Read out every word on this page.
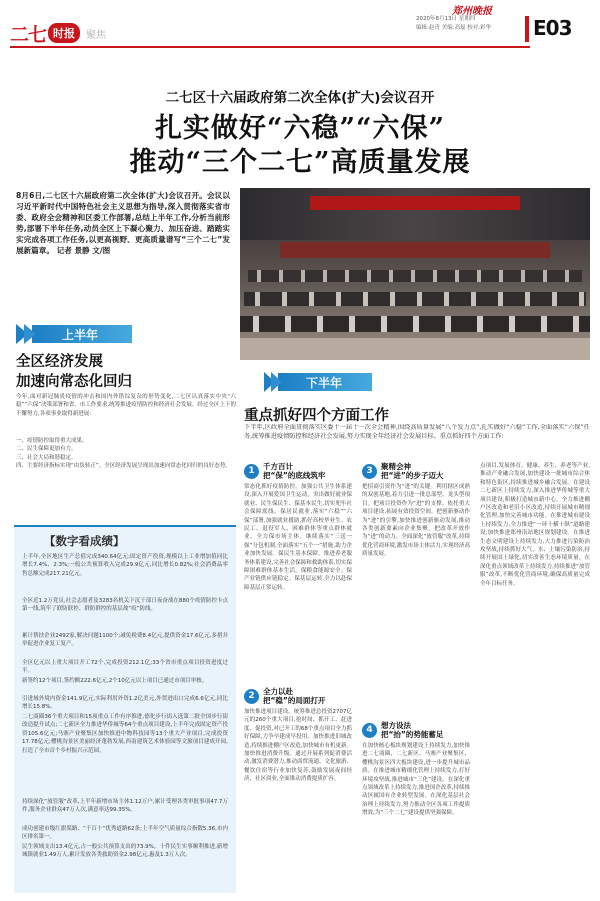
二七 时报	聚焦
郑州晚报
2020年8月13日 星期四
编辑:赵青 美编:高磊 校对:彩华 E03
二七区十六届政府第二次全体(扩大)会议召开
扎实做好“六稳”“六保”
推动“三个二七”高质量发展
8月6日,二七区十六届政府第二次全体(扩大)会议召开。会议以习近平新时代中国特色社会主义思想为指导,深入贯彻落实省市委、政府全会精神和区委工作部署,总结上半年工作,分析当前形势,部署下半年任务,动员全区上下凝心聚力、加压奋进、踏踏实实完成各项工作任务,以更高视野、更高质量谱写“三个二七”发展新篇章。 记者 景静 文/图
上半年
全区经济发展
加速向常态化回归

今年,面对新冠肺炎疫情的冲击和国内外错综复杂的形势变化,二七区认真落实中央“六稳”“六保”决策部署和省、市工作要求,统筹推进疫情防控和经济社会发展。经过全区上下的不懈努力,各项事业取得新进展:

一、疫情防控取得重大成果。

二、民生保障更加有力。

三、社会大局和谐稳定。

四、主要经济指标实现“由负转正”。全区经济发展呈现出加速向常态化回归的良好态势。

【数字看成绩】

上半年,全区地区生产总值完成340.64亿元;固定资产投资,规模以上工业增加值同比增长7.4%、2.3%;一般公共预算收入完成29.9亿元,同比增长0.82%;社会消费品零售总额完成217.21亿元。

全区近1.2万党员,社会志愿者及3283名机关下沉干部日夜奋战在880个疫情防控卡点第一线,筑牢了联防联控、群防群控的基层战“疫”防线。

累计帮扶企业2492家,解决问题1100个;减免税费8.4亿元,提供资金17.6亿元,多措并举促进企业复工复产。

全区亿元以上重大项目开工72个,完成投资212.1亿;33个省市重点项目投资进度过半。

新签约12个项目,签约额222.6亿元,2个10亿元以上项目已通过市项目审核。

引进域外境内资金141.9亿元,实际利用外资1.2亿美元,外贸进出口完成6.6亿元,同比增长15.8%。

二七商圈36个重大项目和15项重点工作有序推进,德化步行街入选第二批全国步行街改造提升试点;二七新区全力推进华侨城等64个重点项目建设,上半年完成固定资产投资105.6亿元;马寨产业聚集区加快推进中物科技园等13个重大产业项目,完成投资17.78亿元;樱桃沟景区美丽经济蓬勃发展,西南建筑艺术体验园等文旅项目建成开园,打造了全市首个乡村振兴示范园。

持续深化“放管服”改革,上半年新增市场主体1.12万户,累计受理各类审批事项47.7万件,服务企业群众47万人次,满意率达99.35%。

成功创建市级红旗渠路、“千百十”优秀道路62条;上半年空气质量综合指数5.36,市内区排名第一。

民生领域支出13.4亿元,占一般公共预算支出的73.9%。十件民生实事顺利推进,新增城镇就业1.49万人,累计发放各类救助资金2.98亿元,惠及1.3万人次。

下半年
重点抓好四个方面工作
下半年,区政府全面贯彻落实区委十一届十一次全会精神,围绕高质量发展“八个发力点”,扎实做好“六稳”工作,全面落实“六保”任务,统筹推进疫情防控和经济社会发展,努力实现全年经济社会发展目标。重点抓好四个方面工作:
1	千方百计
把“保”的底线筑牢

常态化抓好疫情防控。加强公共卫生体系建设,深入开展爱国卫生运动。突出做好就业保就业、民生保民生、保基本民生,切实兜牢社会保障底线。保居民就业,落实“六稳”“六保”部署,加强就业援助,抓好高校毕业生、农民工、退役军人、困难群体等重点群体就业。全力保市场主体。继续落实“三送一强”分包机制,全面落实“五个一”措施,助力企业加快发展。保民生基本保障。推进养老服务体系建设,完善社会保障和救助体系,切实保障困难群体基本生活。保粮食能源安全。保产业链供应链稳定。保基层运转,全力以赴保障基层正常运转。

2	全力以赴
把“稳”的局面打开

加快推进项目建设。统筹推进总投资2707亿元的260个重大项目,抢时间、抓开工、赶进度、促投资,对已开工的68个重点项目全力抓好保障,力争早建成早投用。加快推进旧城改造,持续推进棚户区改造,加快城市有机更新。加快推进消费升级。通过开展系列促消费活动,激发消费潜力,推动商贸流通、文化旅游、餐饮住宿等行业加快复苏,鼓励发展夜间经济、社区商业,全面推动消费提质扩容。

3	聚精会神
把“进”的步子迈大

把招商引资作为“进”的关键。利用辖区成熟的双创基地,着力引进一批总部型、龙头型项目。把项目投资作为“进”的支撑。依托重大项目建设,拓展有效投资空间。把创新驱动作为“进”的引擎,加快推进创新驱动发展,推动各类创新要素向企业集聚。把改革开放作为“进”的动力。全面深化“放管服”改革,持续优化营商环境,激发市场主体活力,实现经济高质量发展。

4	想方设法
把“抬”的势能蓄足

在加快核心板块规划建设上持续发力,加快推进二七商圈、二七新区、马寨产业聚集区、樱桃沟景区四大板块建设,进一步提升城市品质。在推进城市精细化管理上持续发力,打好环境攻坚战,推进城市“三化”建设。在深化重点领域改革上持续发力,推进国企改革,持续推动区属国有企业转型发展。在深化基层社会治理上持续发力,努力推动全区各项工作提质增效,为“三个二七”建设提供坚强保障。

点项目,发展体育、健康、养生、养老等产业,推动产业融合发展,加快建设一批城市综合体和特色街区,持续推进城乡融合发展。在建设二七新区上持续发力,深入推进华侨城等重大项目建设,积极打造城市新中心。全力推进棚户区改造和老旧小区改造,持续开展城市精细化管理,加快完善城市功能。在推进城市建设上持续发力,全力推进“一环十横十纵”道路建设,加快推进郑州南站地区规划建设。在推进生态文明建设上持续发力,大力推进污染防治攻坚战,持续抓好大气、水、土壤污染防治,持续开展国土绿化,切实改善生态环境质量。在深化重点领域改革上持续发力,持续推进“放管服”改革,不断优化营商环境,确保高质量完成全年目标任务。
